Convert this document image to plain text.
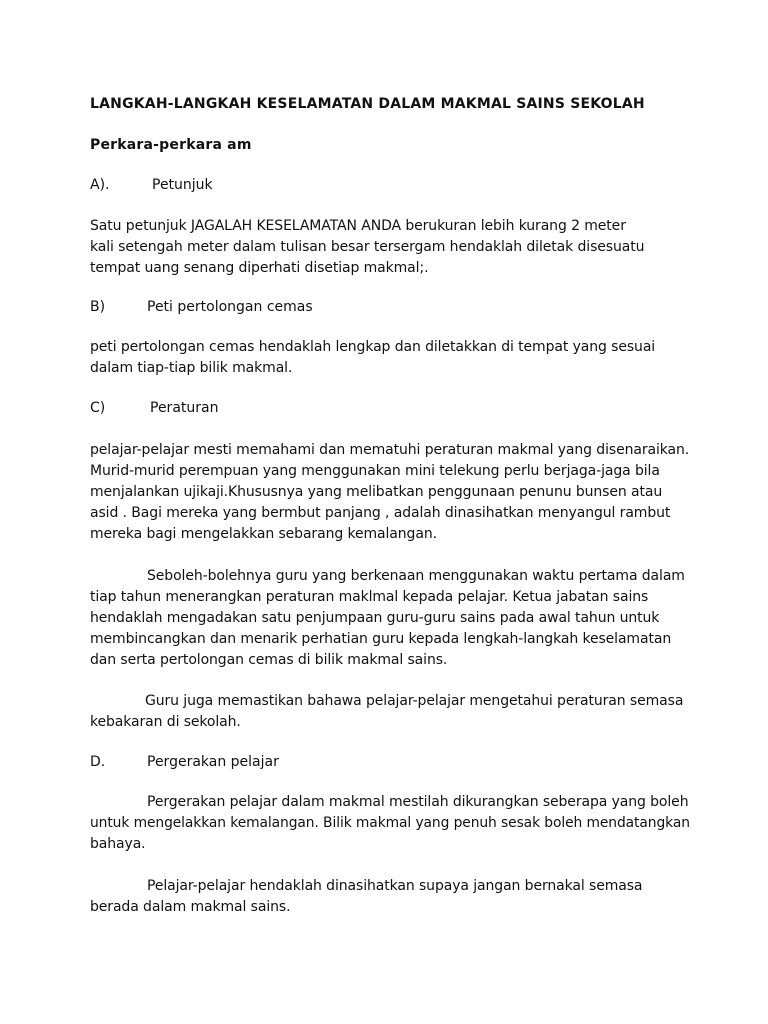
LANGKAH-LANGKAH KESELAMATAN DALAM MAKMAL SAINS SEKOLAH
Perkara-perkara am
A).	Petunjuk
Satu petunjuk JAGALAH KESELAMATAN ANDA berukuran lebih kurang 2 meter
kali setengah meter dalam tulisan besar tersergam hendaklah diletak disesuatu
tempat uang senang diperhati disetiap makmal;.
B)	Peti pertolongan cemas
peti pertolongan cemas hendaklah lengkap dan diletakkan di tempat yang sesuai
dalam tiap-tiap bilik makmal.
C)	Peraturan
pelajar-pelajar mesti memahami dan mematuhi peraturan makmal yang disenaraikan.
Murid-murid perempuan yang menggunakan mini telekung perlu berjaga-jaga bila
menjalankan ujikaji.Khususnya yang melibatkan penggunaan penunu bunsen atau
asid . Bagi mereka yang bermbut panjang , adalah dinasihatkan menyangul rambut
mereka bagi mengelakkan sebarang kemalangan.
Seboleh-bolehnya guru yang berkenaan menggunakan waktu pertama dalam
tiap tahun menerangkan peraturan maklmal kepada pelajar. Ketua jabatan sains
hendaklah mengadakan satu penjumpaan guru-guru sains pada awal tahun untuk
membincangkan dan menarik perhatian guru kepada lengkah-langkah keselamatan
dan serta pertolongan cemas di bilik makmal sains.
Guru juga memastikan bahawa pelajar-pelajar mengetahui peraturan semasa
kebakaran di sekolah.
D.	Pergerakan pelajar
Pergerakan pelajar dalam makmal mestilah dikurangkan seberapa yang boleh
untuk mengelakkan kemalangan. Bilik makmal yang penuh sesak boleh mendatangkan
bahaya.
Pelajar-pelajar hendaklah dinasihatkan supaya jangan bernakal semasa
berada dalam makmal sains.
